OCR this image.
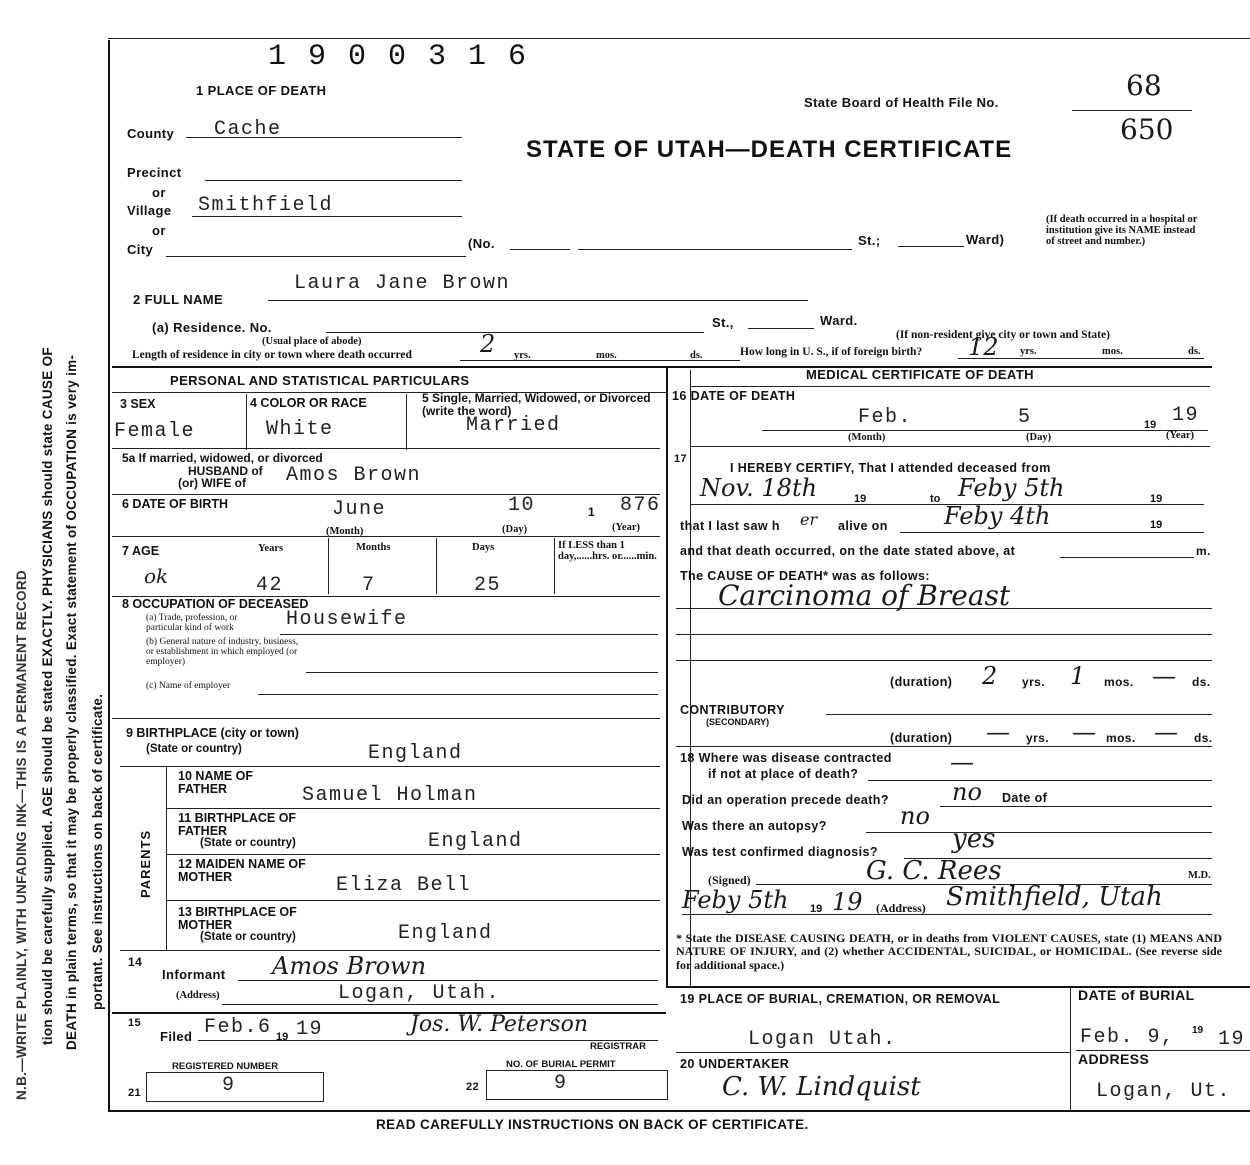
N.B.—WRITE PLAINLY, WITH UNFADING INK—THIS IS A PERMANENT RECORD tion should be carefully supplied. AGE should be stated EXACTLY. PHYSICIANS should state CAUSE OF DEATH in plain terms, so that it may be properly classified. Exact statement of OCCUPATION is very im- portant. See instructions on back of certificate.
1 9 0 0 3 1 6
1 PLACE OF DEATH
State Board of Health File No.
68
650
STATE OF UTAH—DEATH CERTIFICATE
County Cache
Precinct
or
Village Smithfield
or
City	(No.	St.;	Ward)
(If death occurred in a hospital or institution give its NAME instead of street and number.)
2 FULL NAME
Laura Jane Brown
(a) Residence. No.
(Usual place of abode)
St.,	Ward.
(If non-resident give city or town and State)
Length of residence in city or town where death occurred	2 yrs.	mos.	ds.	How long in U. S., if of foreign birth? 12 yrs.	mos.	ds.
PERSONAL AND STATISTICAL PARTICULARS
3 SEX
Female
4 COLOR OR RACE
White
5 Single, Married, Widowed, or Divorced (write the word)
Married
5a If married, widowed, or divorced
HUSBAND of
(or) WIFE of Amos Brown
6 DATE OF BIRTH	June	10	1 876
(Month)	(Day)	(Year)
7 AGE	Years	Months	Days	If LESS than 1 day,......hrs. or......min.
ok	42	7	25
8 OCCUPATION OF DECEASED
(a) Trade, profession, or particular kind of work	Housewife
(b) General nature of industry, business, or establishment in which employed (or employer)
(c) Name of employer
9 BIRTHPLACE (city or town)
(State or country)	England
PARENTS
10 NAME OF FATHER	Samuel Holman
11 BIRTHPLACE OF FATHER
(State or country)	England
12 MAIDEN NAME OF MOTHER	Eliza Bell
13 BIRTHPLACE OF MOTHER
(State or country)	England
14
Informant Amos Brown
(Address)	Logan, Utah.
15
Filed Feb.6 19 19	Jos. W. Peterson
REGISTRAR
REGISTERED NUMBER
21	9
NO. OF BURIAL PERMIT
22	9
MEDICAL CERTIFICATE OF DEATH
16 DATE OF DEATH
Feb.	5	19 19
(Month)	(Day)	(Year)
17
I HEREBY CERTIFY, That I attended deceased from
Nov. 18th	19	to Feby 5th	19
that I last saw h er alive on Feby 4th	19
and that death occurred, on the date stated above, at	m.
The CAUSE OF DEATH* was as follows:
Carcinoma of Breast
(duration) 2 yrs. 1 mos. — ds.
CONTRIBUTORY
(SECONDARY)
(duration) — yrs. — mos. — ds.
18 Where was disease contracted
if not at place of death?	—
Did an operation precede death?	no Date of
Was there an autopsy?	no
Was test confirmed diagnosis?	yes
(Signed)	G. C. Rees	M.D.
Feby 5th 19 19 (Address) Smithfield, Utah
* State the DISEASE CAUSING DEATH, or in deaths from VIOLENT CAUSES, state (1) MEANS AND NATURE OF INJURY, and (2) whether ACCIDENTAL, SUICIDAL, or HOMICIDAL. (See reverse side for additional space.)
19 PLACE OF BURIAL, CREMATION, OR REMOVAL
Logan Utah.
DATE of BURIAL
Feb. 9, 19 19
20 UNDERTAKER
C. W. Lindquist
ADDRESS
Logan, Ut.
READ CAREFULLY INSTRUCTIONS ON BACK OF CERTIFICATE.
